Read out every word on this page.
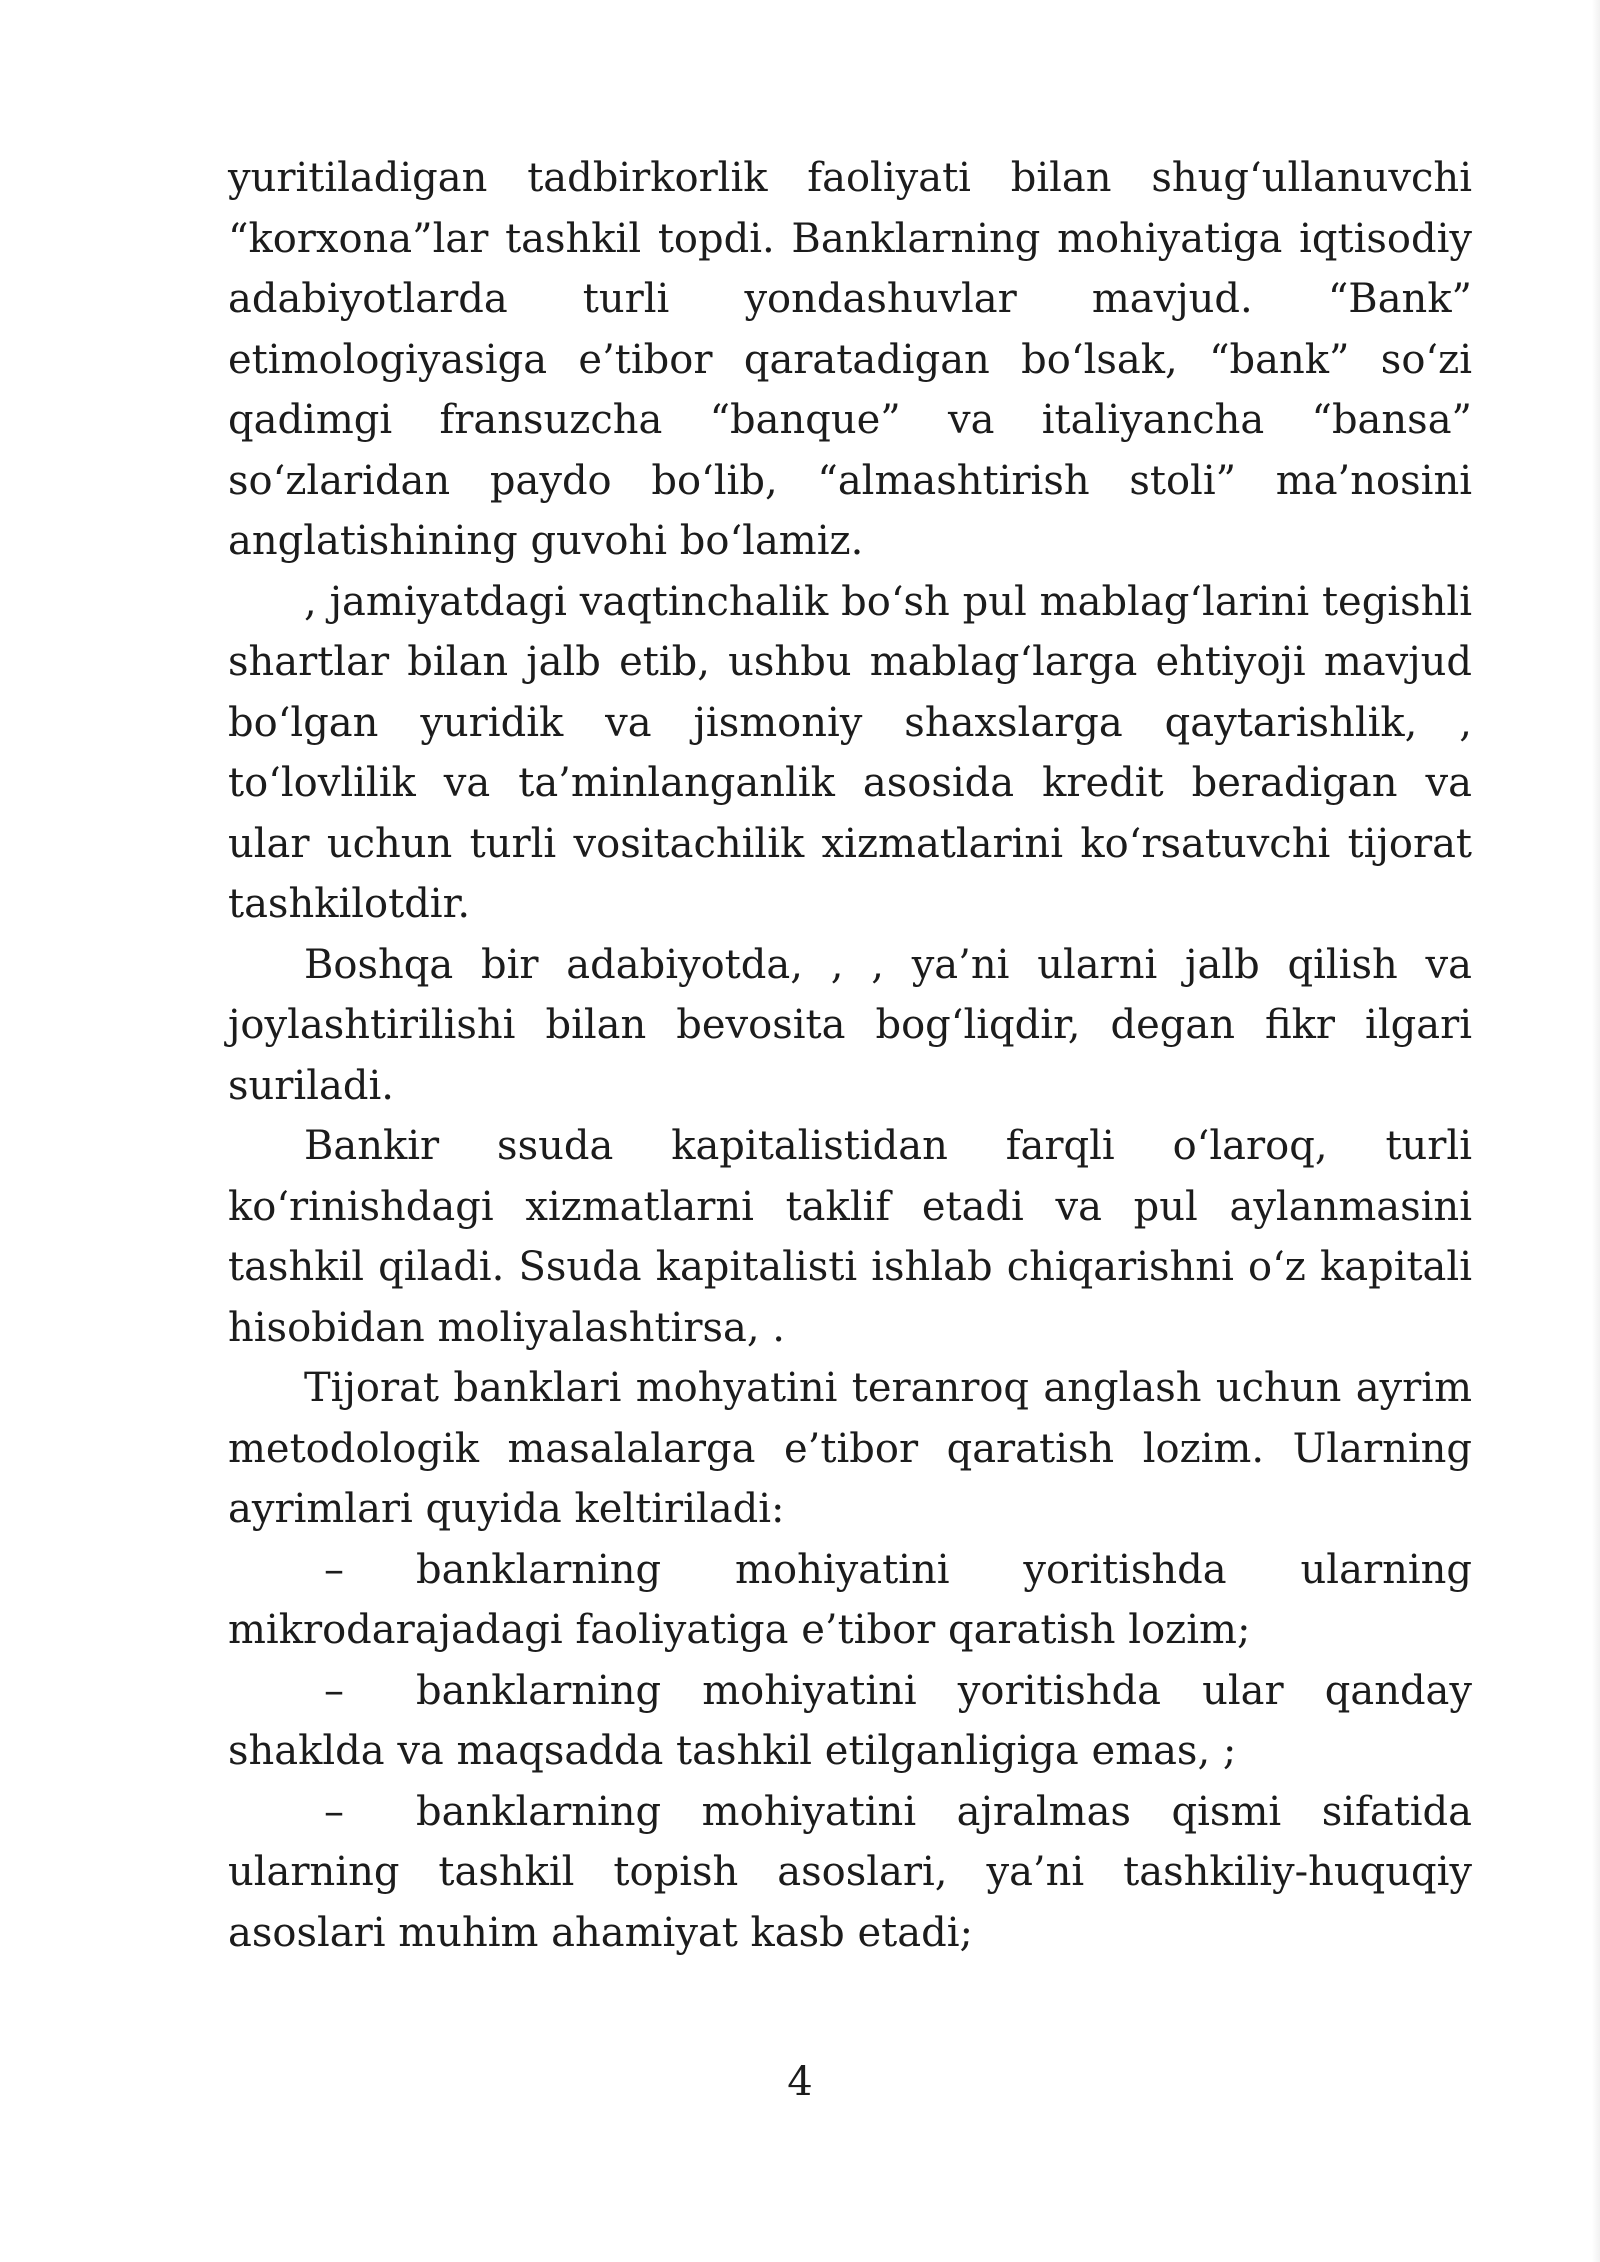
yuritiladigan tadbirkorlik faoliyati bilan shug‘ullanuvchi “korxona”lar tashkil topdi. Banklarning mohiyatiga iqtisodiy adabiyotlarda turli yondashuvlar mavjud. “Bank” etimologiyasiga e’tibor qaratadigan bo‘lsak, “bank” so‘zi qadimgi fransuzcha “banque” va italiyancha “bansa” so‘zlaridan paydo bo‘lib, “almashtirish stoli” ma’nosini anglatishining guvohi bo‘lamiz.

, jamiyatdagi vaqtinchalik bo‘sh pul mablag‘larini tegishli shartlar bilan jalb etib, ushbu mablag‘larga ehtiyoji mavjud bo‘lgan yuridik va jismoniy shaxslarga qaytarishlik, , to‘lovlilik va ta’minlanganlik asosida kredit beradigan va ular uchun turli vositachilik xizmatlarini ko‘rsatuvchi tijorat tashkilotdir.

Boshqa bir adabiyotda, , , ya’ni ularni jalb qilish va joylashtirilishi bilan bevosita bog‘liqdir, degan fikr ilgari suriladi.

Bankir ssuda kapitalistidan farqli o‘laroq, turli ko‘rinishdagi xizmatlarni taklif etadi va pul aylanmasini tashkil qiladi. Ssuda kapitalisti ishlab chiqarishni o‘z kapitali hisobidan moliyalashtirsa, .

Tijorat banklari mohyatini teranroq anglash uchun ayrim metodologik masalalarga e’tibor qaratish lozim. Ularning ayrimlari quyida keltiriladi:

– banklarning mohiyatini yoritishda ularning mikrodarajadagi faoliyatiga e’tibor qaratish lozim;

– banklarning mohiyatini yoritishda ular qanday shaklda va maqsadda tashkil etilganligiga emas, ;

– banklarning mohiyatini ajralmas qismi sifatida ularning tashkil topish asoslari, ya’ni tashkiliy-huquqiy asoslari muhim ahamiyat kasb etadi;

4
